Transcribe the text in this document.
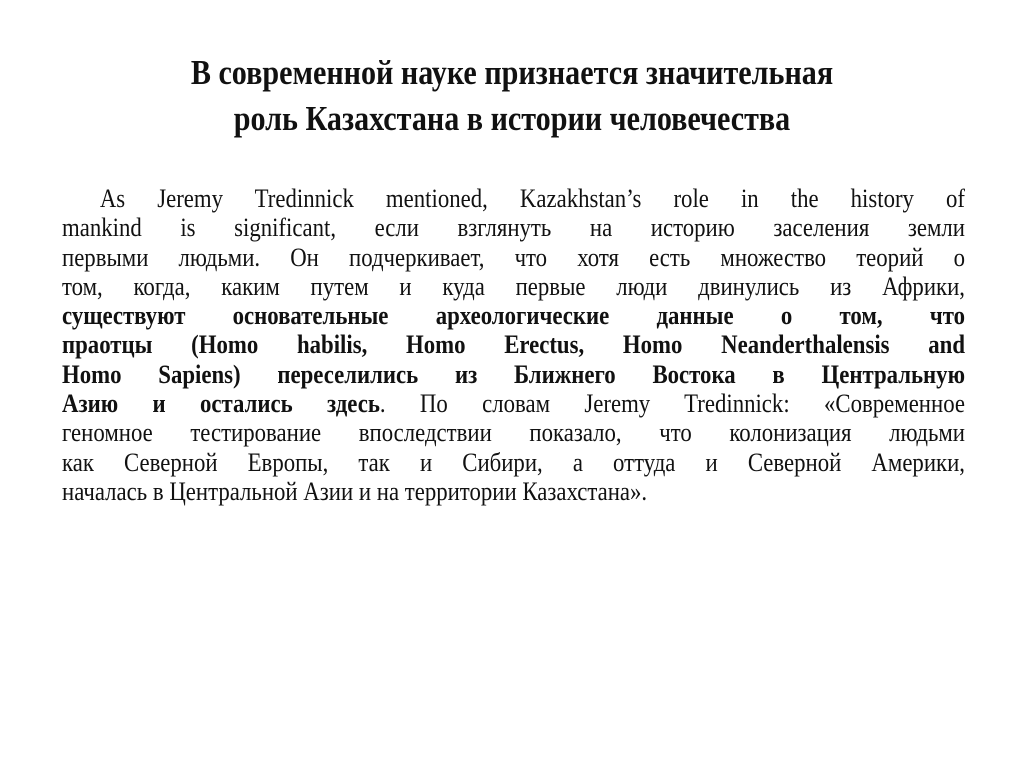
В современной науке признается значительная
роль Казахстана в истории человечества
As Jeremy Tredinnick mentioned, Kazakhstan’s role in the history of
mankind is significant, если взглянуть на историю заселения земли
первыми людьми. Он подчеркивает, что хотя есть множество теорий о
том, когда, каким путем и куда первые люди двинулись из Африки,
существуют основательные археологические данные о том, что
праотцы (Homo habilis, Homo Erectus, Homo Neanderthalensis and
Homo Sapiens) переселились из Ближнего Востока в Центральную
Азию и остались здесь. По словам Jeremy Tredinnick: «Современное
геномное тестирование впоследствии показало, что колонизация людьми
как Северной Европы, так и Сибири, а оттуда и Северной Америки,
началась в Центральной Азии и на территории Казахстана».
